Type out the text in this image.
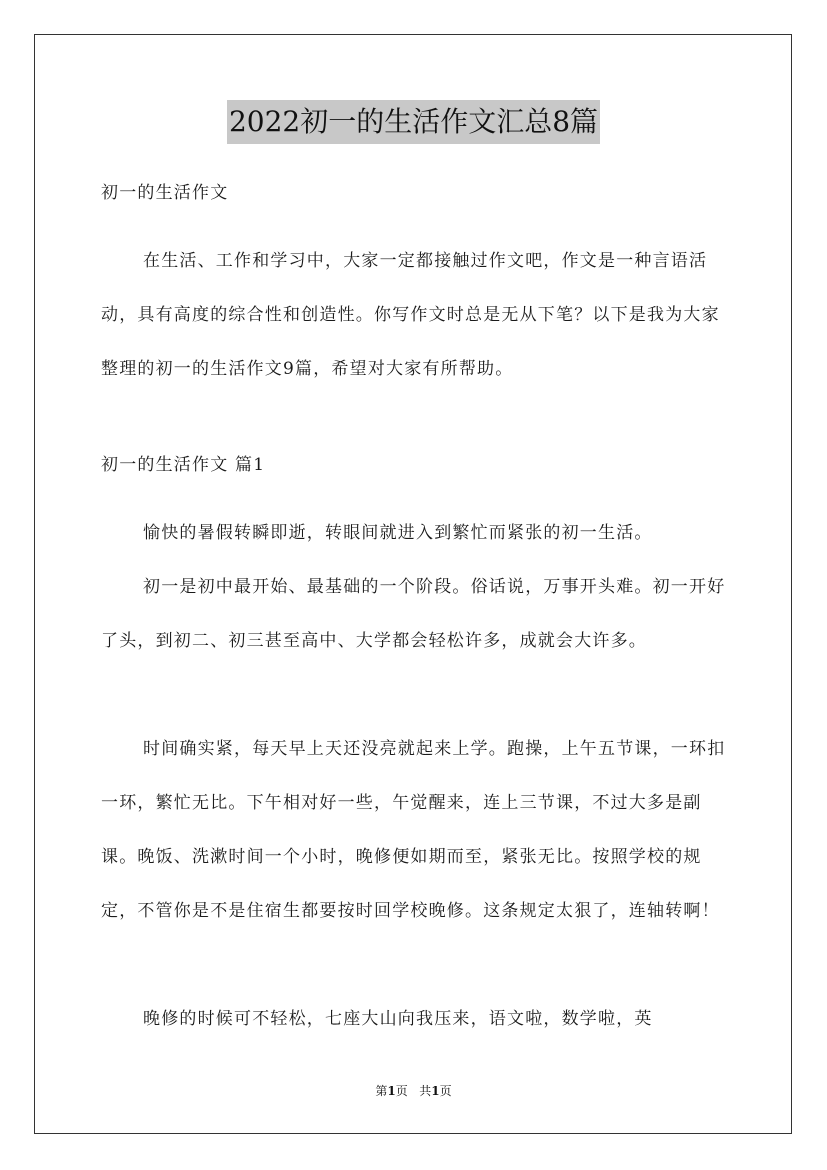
2022初一的生活作文汇总8篇

初一的生活作文

在生活、工作和学习中，大家一定都接触过作文吧，作文是一种言语活动，具有高度的综合性和创造性。你写作文时总是无从下笔？以下是我为大家整理的初一的生活作文9篇，希望对大家有所帮助。

初一的生活作文 篇1

愉快的暑假转瞬即逝，转眼间就进入到繁忙而紧张的初一生活。

初一是初中最开始、最基础的一个阶段。俗话说，万事开头难。初一开好了头，到初二、初三甚至高中、大学都会轻松许多，成就会大许多。

时间确实紧，每天早上天还没亮就起来上学。跑操，上午五节课，一环扣一环，繁忙无比。下午相对好一些，午觉醒来，连上三节课，不过大多是副课。晚饭、洗漱时间一个小时，晚修便如期而至，紧张无比。按照学校的规定，不管你是不是住宿生都要按时回学校晚修。这条规定太狠了，连轴转啊！

晚修的时候可不轻松，七座大山向我压来，语文啦，数学啦，英

第1页 共1页
